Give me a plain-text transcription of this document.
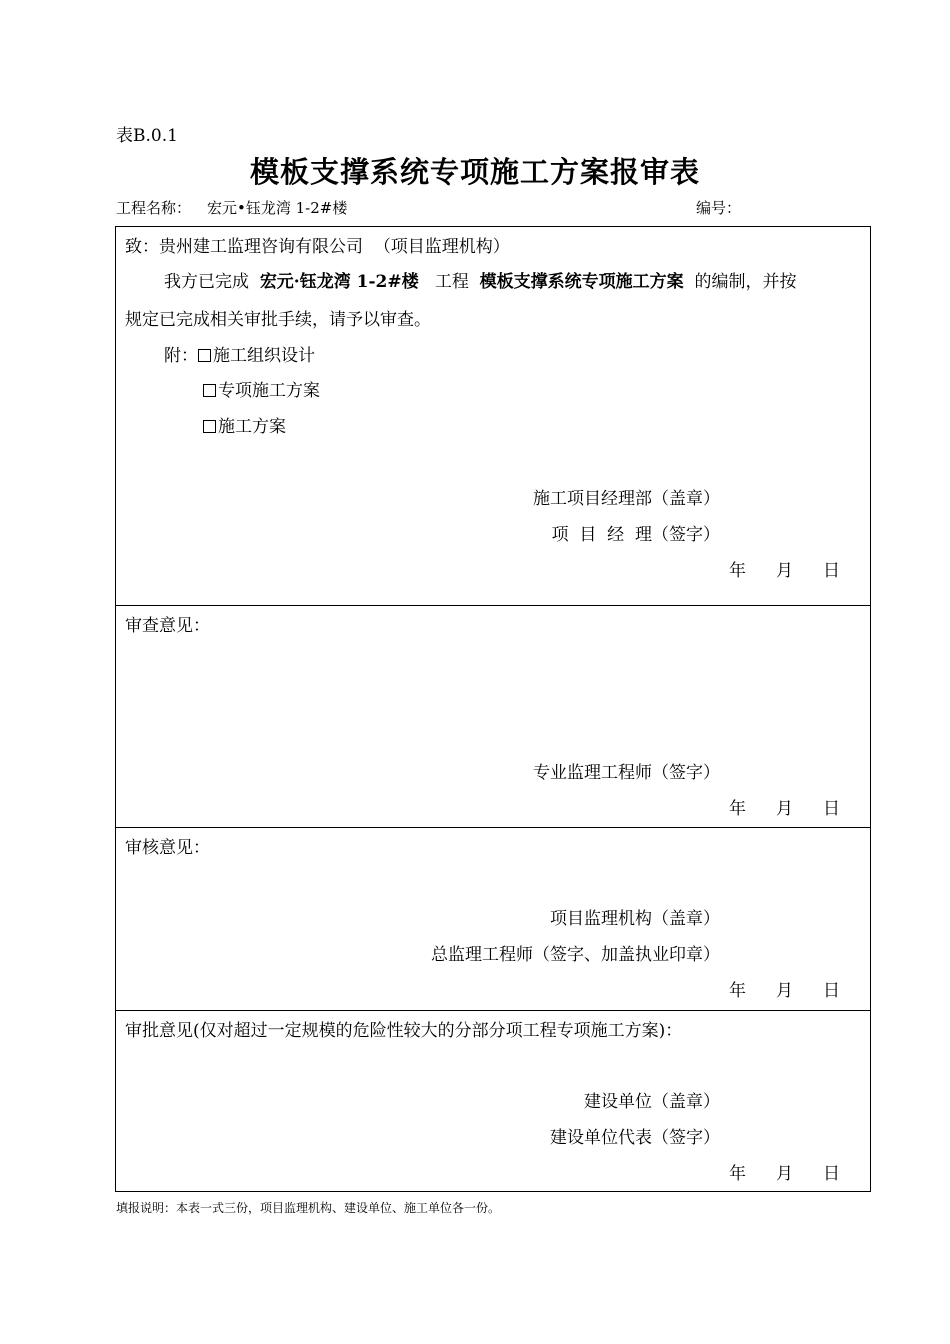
表B.0.1
模板支撑系统专项施工方案报审表
工程名称： 宏元•钰龙湾 1-2#楼	编号：
致：贵州建工监理咨询有限公司 （项目监理机构）
我方已完成 宏元·钰龙湾 1-2#楼 工程 模板支撑系统专项施工方案 的编制，并按
规定已完成相关审批手续，请予以审查。
附： 施工组织设计
专项施工方案
施工方案
施工项目经理部（盖章）
项  目  经  理（签字）
年 月 日
审查意见：
专业监理工程师（签字）
年 月 日
审核意见：
项目监理机构（盖章）
总监理工程师（签字、加盖执业印章）
年 月 日
审批意见(仅对超过一定规模的危险性较大的分部分项工程专项施工方案)：
建设单位（盖章）
建设单位代表（签字）
年 月 日
填报说明：本表一式三份，项目监理机构、建设单位、施工单位各一份。
